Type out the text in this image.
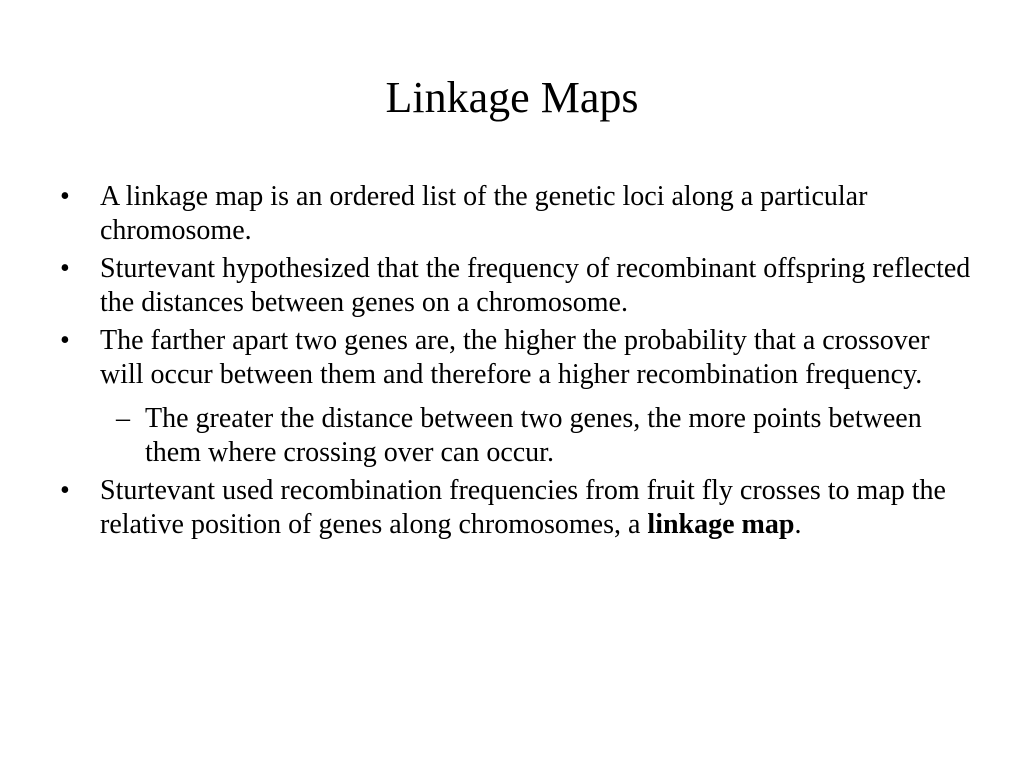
Linkage Maps
• A linkage map is an ordered list of the genetic loci along a particular chromosome.
• Sturtevant hypothesized that the frequency of recombinant offspring reflected the distances between genes on a chromosome.
• The farther apart two genes are, the higher the probability that a crossover will occur between them and therefore a higher recombination frequency.
– The greater the distance between two genes, the more points between them where crossing over can occur.
• Sturtevant used recombination frequencies from fruit fly crosses to map the relative position of genes along chromosomes, a linkage map.
